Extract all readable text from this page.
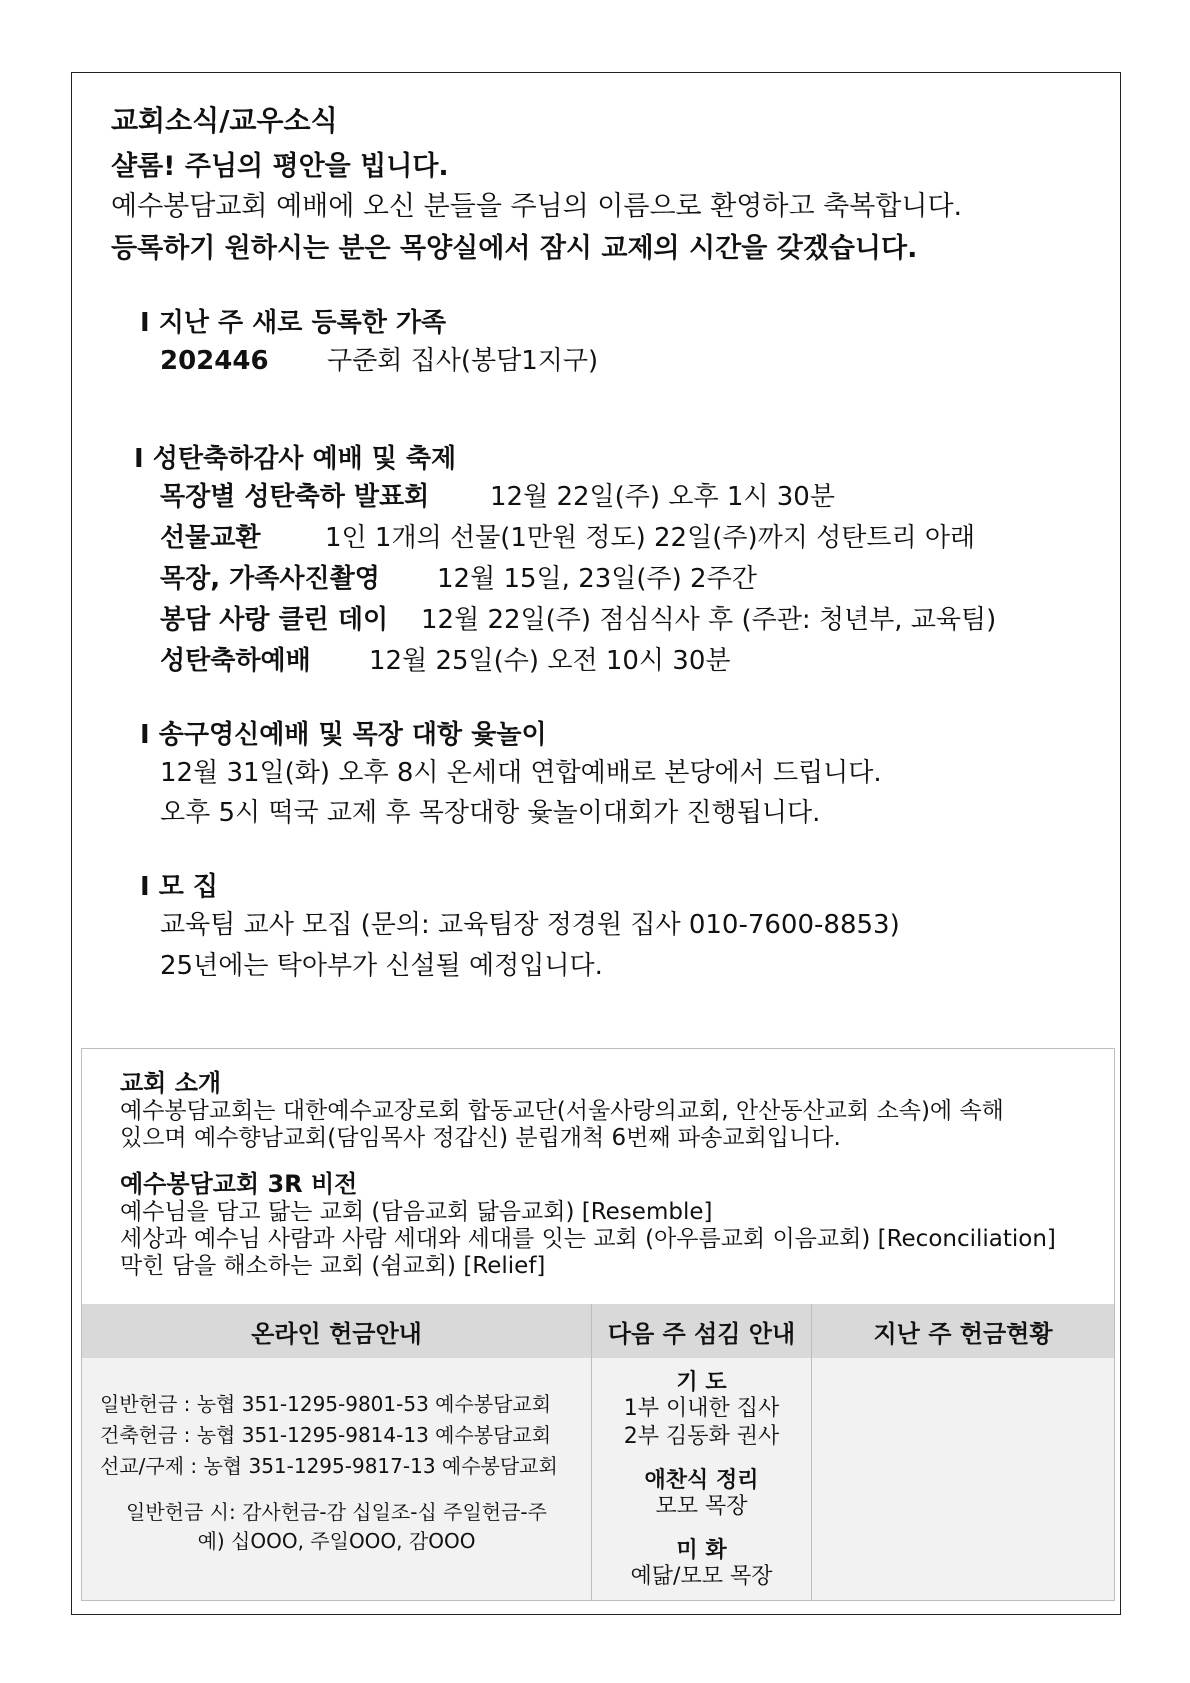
교회소식/교우소식
샬롬! 주님의 평안을 빕니다.
예수봉담교회 예배에 오신 분들을 주님의 이름으로 환영하고 축복합니다.
등록하기 원하시는 분은 목양실에서 잠시 교제의 시간을 갖겠습니다.
I 지난 주 새로 등록한 가족
202446 구준회 집사(봉담1지구)
I 성탄축하감사 예배 및 축제
목장별 성탄축하 발표회 12월 22일(주) 오후 1시 30분
선물교환 1인 1개의 선물(1만원 정도) 22일(주)까지 성탄트리 아래
목장, 가족사진촬영 12월 15일, 23일(주) 2주간
봉담 사랑 클린 데이 12월 22일(주) 점심식사 후 (주관: 청년부, 교육팀)
성탄축하예배 12월 25일(수) 오전 10시 30분
I 송구영신예배 및 목장 대항 윷놀이
12월 31일(화) 오후 8시 온세대 연합예배로 본당에서 드립니다.
오후 5시 떡국 교제 후 목장대항 윷놀이대회가 진행됩니다.
I 모 집
교육팀 교사 모집 (문의: 교육팀장 정경원 집사 010-7600-8853)
25년에는 탁아부가 신설될 예정입니다.
교회 소개
예수봉담교회는 대한예수교장로회 합동교단(서울사랑의교회, 안산동산교회 소속)에 속해
있으며 예수향남교회(담임목사 정갑신) 분립개척 6번째 파송교회입니다.
예수봉담교회 3R 비전
예수님을 담고 닮는 교회 (담음교회 닮음교회) [Resemble]
세상과 예수님 사람과 사람 세대와 세대를 잇는 교회 (아우름교회 이음교회) [Reconciliation]
막힌 담을 해소하는 교회 (쉼교회) [Relief]
온라인 헌금안내
일반헌금 : 농협 351-1295-9801-53 예수봉담교회
건축헌금 : 농협 351-1295-9814-13 예수봉담교회
선교/구제 : 농협 351-1295-9817-13 예수봉담교회
일반헌금 시: 감사헌금-감 십일조-십 주일헌금-주
예) 십OOO, 주일OOO, 감OOO
다음 주 섬김 안내
기 도
1부 이내한 집사
2부 김동화 권사
애찬식 정리
모모 목장
미 화
예닮/모모 목장
지난 주 헌금현황
